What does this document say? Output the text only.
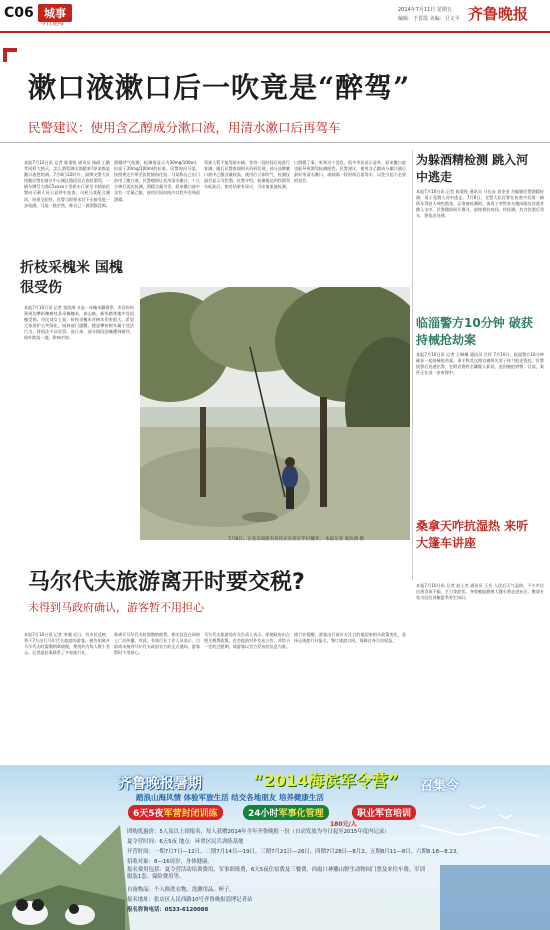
C06 城事
今日莲隆
2014年7月11日 星期五
编辑：于晋霞 美编：卫文平 齐鲁晚报
漱口液漱口后一吹竟是“醉驾”
民警建议：使用含乙醇成分漱口液，用清水漱口后再驾车
本报7月10日讯 记者 陈重锐 通讯员 杨丽 王勤 苹同样大热天，怎么酒驾测出酒精来?原来都是漱口液惹的祸。7月8日22时许，淄博交警大队执勤民警在辖区中心城区路段设点查验酒驾，一辆车牌号为鲁C5xxxx小型轿车行驶至卡哨前民警向司乘人员示意停车检查，司机马某配合测试，结果呈阳性。民警当即要求其下车接受进一步检测，马某一脸茫然，称自己一滴酒都没喝。
酒精呼气检测，检测值显示为30mg/100ml，但高于20mg/100ml的标准。民警询问马某，按照规定应带至医院抽血化验。马某称自己出门前用了漱口液，民警随即让其用清水漱口，十几分钟后再次检测，酒精含量为零。原来漱口液中含有一定量乙醇，使用后短时间内口腔中会残留酒精。
驾驶人暂不能驾驶车辆，等待一段时间后再进行复测。随后民警查阅相关资料发现，部分品牌漱口液中乙醇含量较高，使用后立即吹气，检测仪器会显示为饮酒。民警介绍，检测值达到饮酒驾车标准后，如对结果有异议，可申请血液检测。
口酒精了事。听到这个消息，很多市民表示意外，原来漱口液也能导致酒驾检测阳性。民警建议，使用含乙醇成分漱口液后最好用清水漱口，或间隔一段时间后再驾车，以免引起不必要的误会。
折枝采槐米 国槐很受伤
本报7月10日讯 记者 张滨洲 又是一年槐米飘香季，市民纷纷到周边攀折槐树枝条采摘槐米，泰山路、新华路等地多处国槐受损。市民刘女士说，折枝采槐米对树木伤害很大，希望大家爱护公共绿化。园林部门提醒，随意攀折树木属于违法行为，将依法予以处罚。连日来，部分路段国槐遭到破坏，枝叶散落一地，影响市容。
7月8日，在北京南路有居民正在用长竿打槐米。 本报记者 张滨洲 摄
为躲酒精检测 跳入河中逃走
本报7月10日讯 记者 陈重锐 通讯员 马长泳 刘金金 为躲避民警酒精检测，男子竟跳入河中逃走。7月8日，交警大队民警在检查中发现一辆轿车驾驶人神色慌张，正准备检测时，该男子突然弃车跑向路边河道并跳入水中。民警随即展开搜寻，最终将其劝回。经检测，其为饮酒后驾车，将依法处理。
临淄警方10分钟 破获持械抢劫案
本报7月10日讯 记者 王琳琳 通讯员 吕怀 7月10日，临淄警方10分钟破获一起持械抢劫案。事主称其在路边被两名男子持刀抢走钱包，民警接警后迅速出警，在附近将两名嫌疑人抓获，追回被抢财物。目前，案件正在进一步审理中。
桑拿天咋抗湿热 来听大篷车讲座
本报7月10日讯 记者 赵士杰 通讯员 王芳 入伏后天气湿热，不少市民出现食欲不振、乏力等症状。齐鲁晚报健康大篷车将走进社区，邀请专家为居民讲解夏季养生知识。
马尔代夫旅游离开时要交税?
未得到马政府确认，游客暂不用担心
本报7月10日讯 记者 李湘 近日，有市民反映，将于7月出行马尔代夫旅游的游客，被告知离开马尔代夫时需缴纳离境税，费用约为每人数十美元。记者就此事联系了多家旅行社。
称离开马尔代夫时需缴纳税费，相关信息在网络上广泛传播。对此，有旅行社工作人员表示，目前尚未接到马尔代夫政府官方的正式通知，游客暂时不用担心。
马尔代夫旅游局有关负责人表示，即便政府出台相关税费政策，也会提前对外发布公告，并给予一定的过渡期，请游客以官方发布的信息为准。
旅行社提醒，游客出行前应关注目的地国家相关政策变化，选择正规旅行社报名，签订旅游合同，保障自身合法权益。
齐鲁晚报暑期	“2014海滨军令营” 召集令
踏浪山海风情 体验军旅生活 结交各地朋友 培养健康生活
6天5夜军营封闭训练	24小时军事化管理	职业军官培训
团购优惠价：5人及以上团报名，每人获赠2014年全年齐鲁晚报一份（自动发放为今日起至2015年度内记录）
夏令营时间：6天5夜 地点：环翠区民兵训练基地
180元/人
开营时间：一期7月7日—12日、二期7月14日—19日、三期7月21日—26日、四期7月28日—8月2、五期8月11—8日、六期8.18—8.23。
招收对象：8—16周岁，身体健康。
报名费用包括：夏令营活动培训费用、军事训练费，6天5夜住宿费及三餐费、西霞口神雕山野生动物园门票及来往车费、军训服装1套、保险费用等。
自备物品：个人换洗衣物、洗漱用品、杯子。
报名地址：张店区人民西路10号齐鲁晚报淄博记者站
报名咨询电话：0533-6120088
